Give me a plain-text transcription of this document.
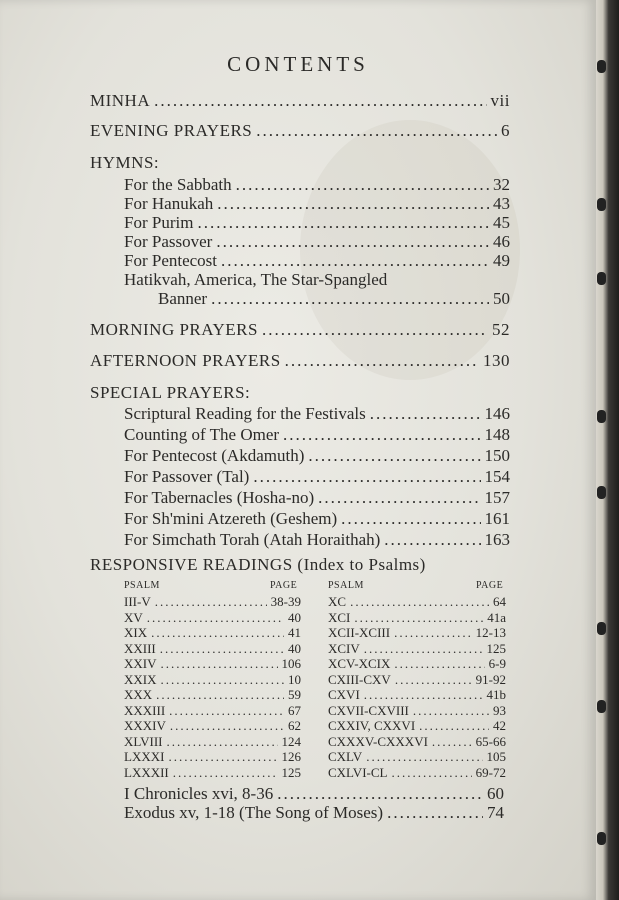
CONTENTS
MINHA .....	vii
EVENING PRAYERS .....	6
HYMNS:
For the Sabbath .....	32
For Hanukah .....	43
For Purim .....	45
For Passover .....	46
For Pentecost .....	49
Hatikvah, America, The Star-Spangled
Banner .....	50
MORNING PRAYERS .....	52
AFTERNOON PRAYERS .....	130
SPECIAL PRAYERS:
Scriptural Reading for the Festivals .....	146
Counting of The Omer .....	148
For Pentecost (Akdamuth) .....	150
For Passover (Tal) .....	154
For Tabernacles (Hosha-no) .....	157
For Sh'mini Atzereth (Geshem) .....	161
For Simchath Torah (Atah Horaithah) .....	163
RESPONSIVE READINGS (Index to Psalms)
PSALM	PAGE	PSALM	PAGE
III-V .....	38-39
XV .....	40
XIX .....	41
XXIII .....	40
XXIV .....	106
XXIX .....	10
XXX .....	59
XXXIII .....	67
XXXIV .....	62
XLVIII .....	124
LXXXI .....	126
LXXXII .....	125
XC .....	64
XCI .....	41a
XCII-XCIII .....	12-13
XCIV .....	125
XCV-XCIX .....	6-9
CXIII-CXV .....	91-92
CXVI .....	41b
CXVII-CXVIII .....	93
CXXIV, CXXVI .....	42
CXXXV-CXXXVI .....	65-66
CXLV .....	105
CXLVI-CL .....	69-72
I Chronicles xvi, 8-36 .....	60
Exodus xv, 1-18 (The Song of Moses) .....	74
